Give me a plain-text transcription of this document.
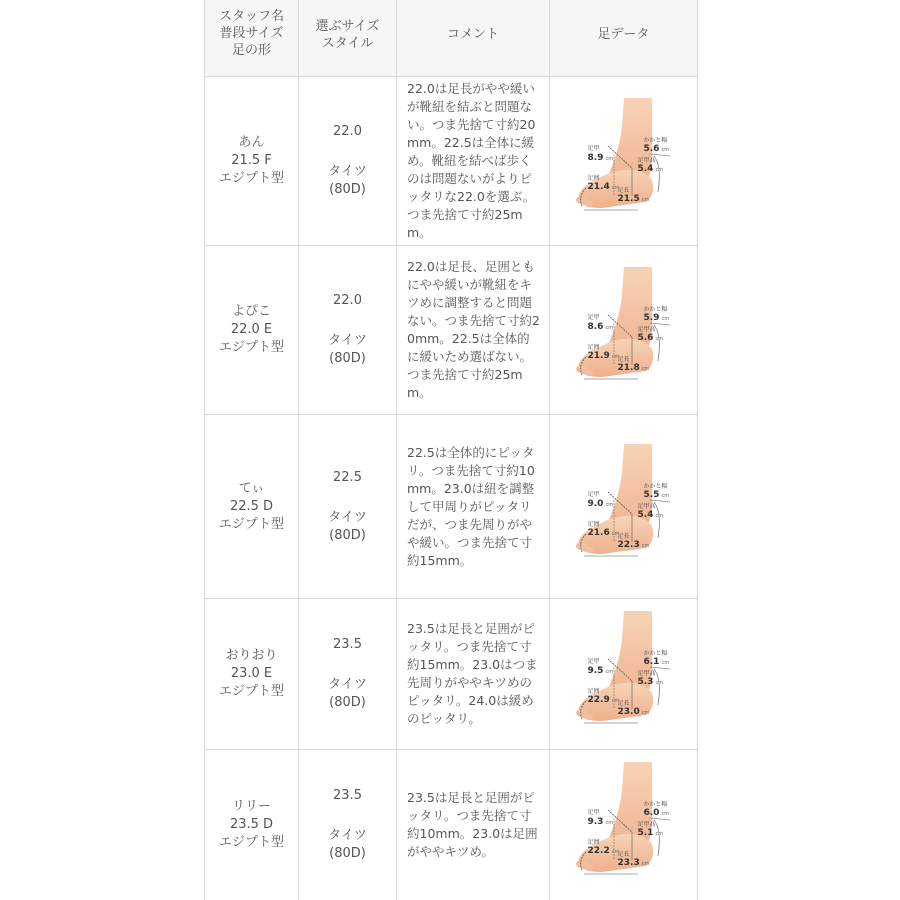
スタッフ名
普段サイズ
足の形
選ぶサイズ
スタイル
コメント	足データ
あん
21.5 F
エジプト型
22.0
タイツ
(80D)
22.0は足長がやや緩いが靴紐を結ぶと問題ない。つま先捨て寸約20mm。22.5は全体に緩め。靴紐を結べば歩くのは問題ないがよりピッタリな22.0を選ぶ。つま先捨て寸約25mm。
足甲
8.9 cm
かかと幅
5.6 cm
足甲高
5.4 cm
足囲
21.4 cm
足長
21.5 cm
よぴこ
22.0 E
エジプト型
22.0
タイツ
(80D)
22.0は足長、足囲ともにやや緩いが靴紐をキツめに調整すると問題ない。つま先捨て寸約20mm。22.5は全体的に緩いため選ばない。つま先捨て寸約25mm。
足甲
8.6 cm
かかと幅
5.9 cm
足甲高
5.6 cm
足囲
21.9 cm
足長
21.8 cm
てぃ
22.5 D
エジプト型
22.5
タイツ
(80D)
22.5は全体的にピッタリ。つま先捨て寸約10mm。23.0は紐を調整して甲周りがピッタリだが、つま先周りがやや緩い。つま先捨て寸約15mm。
足甲
9.0 cm
かかと幅
5.5 cm
足甲高
5.4 cm
足囲
21.6 cm
足長
22.3 cm
おりおり
23.0 E
エジプト型
23.5
タイツ
(80D)
23.5は足長と足囲がピッタリ。つま先捨て寸約15mm。23.0はつま先周りがややキツめのピッタリ。24.0は緩めのピッタリ。
足甲
9.5 cm
かかと幅
6.1 cm
足甲高
5.3 cm
足囲
22.9 cm
足長
23.0 cm
リリー
23.5 D
エジプト型
23.5
タイツ
(80D)
23.5は足長と足囲がピッタリ。つま先捨て寸約10mm。23.0は足囲がややキツめ。
足甲
9.3 cm
かかと幅
6.0 cm
足甲高
5.1 cm
足囲
22.2 cm
足長
23.3 cm
